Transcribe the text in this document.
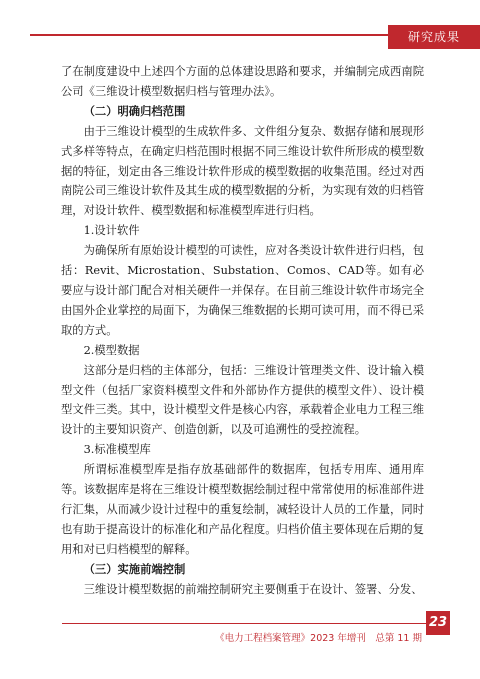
研究成果

了在制度建设中上述四个方面的总体建设思路和要求，并编制完成西南院公司《三维设计模型数据归档与管理办法》。

（二）明确归档范围

由于三维设计模型的生成软件多、文件组分复杂、数据存储和展现形式多样等特点，在确定归档范围时根据不同三维设计软件所形成的模型数据的特征，划定由各三维设计软件形成的模型数据的收集范围。经过对西南院公司三维设计软件及其生成的模型数据的分析，为实现有效的归档管理，对设计软件、模型数据和标准模型库进行归档。

1.设计软件

为确保所有原始设计模型的可读性，应对各类设计软件进行归档，包括：Revit、Microstation、Substation、Comos、CAD等。如有必要应与设计部门配合对相关硬件一并保存。在目前三维设计软件市场完全由国外企业掌控的局面下，为确保三维数据的长期可读可用，而不得已采取的方式。

2.模型数据

这部分是归档的主体部分，包括：三维设计管理类文件、设计输入模型文件（包括厂家资料模型文件和外部协作方提供的模型文件）、设计模型文件三类。其中，设计模型文件是核心内容，承载着企业电力工程三维设计的主要知识资产、创造创新，以及可追溯性的受控流程。

3.标准模型库

所谓标准模型库是指存放基础部件的数据库，包括专用库、通用库等。该数据库是将在三维设计模型数据绘制过程中常常使用的标准部件进行汇集，从而减少设计过程中的重复绘制，减轻设计人员的工作量，同时也有助于提高设计的标准化和产品化程度。归档价值主要体现在后期的复用和对已归档模型的解释。

（三）实施前端控制

三维设计模型数据的前端控制研究主要侧重于在设计、签署、分发、

《电力工程档案管理》2023 年增刊　总第 11 期
23
